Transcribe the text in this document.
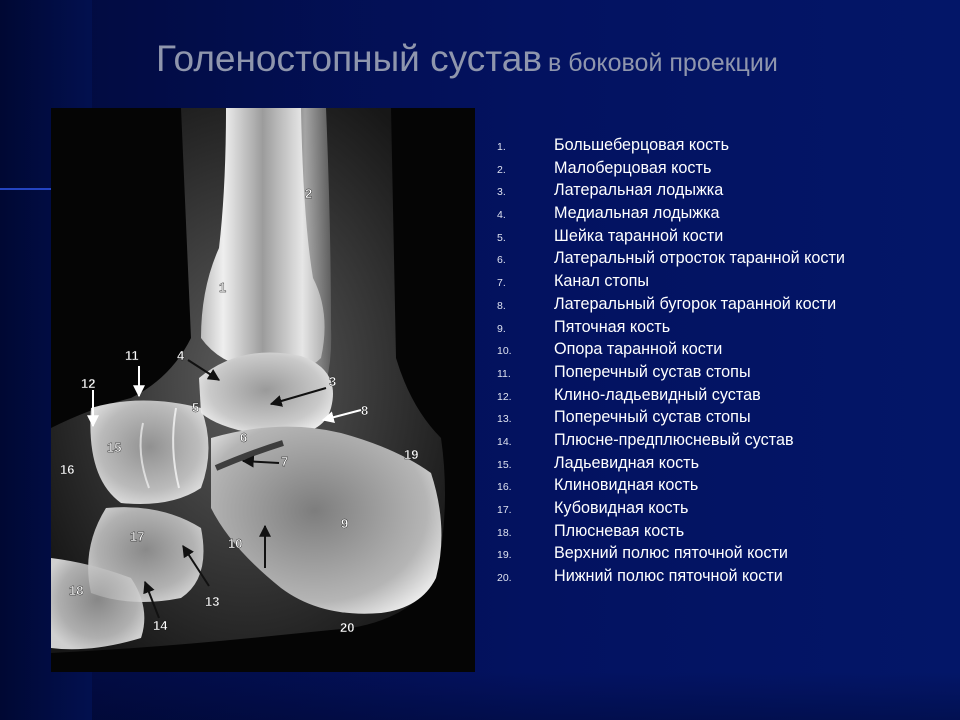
Голеностопный сустав в боковой проекции
1
2
3
4
5
6
7
8
9
10
11
12
13
14
15
16
17
18
19
20
1.	Большеберцовая кость
2.	Малоберцовая кость
3.	Латеральная лодыжка
4.	Медиальная лодыжка
5.	Шейка таранной кости
6.	Латеральный отросток таранной кости
7.	Канал стопы
8.	Латеральный бугорок таранной кости
9.	Пяточная кость
10.	Опора таранной кости
11.	Поперечный сустав стопы
12.	Клино-ладьевидный сустав
13.	Поперечный сустав стопы
14.	Плюсне-предплюсневый сустав
15.	Ладьевидная кость
16.	Клиновидная кость
17.	Кубовидная кость
18.	Плюсневая кость
19.	Верхний полюс пяточной кости
20.	Нижний полюс пяточной кости
